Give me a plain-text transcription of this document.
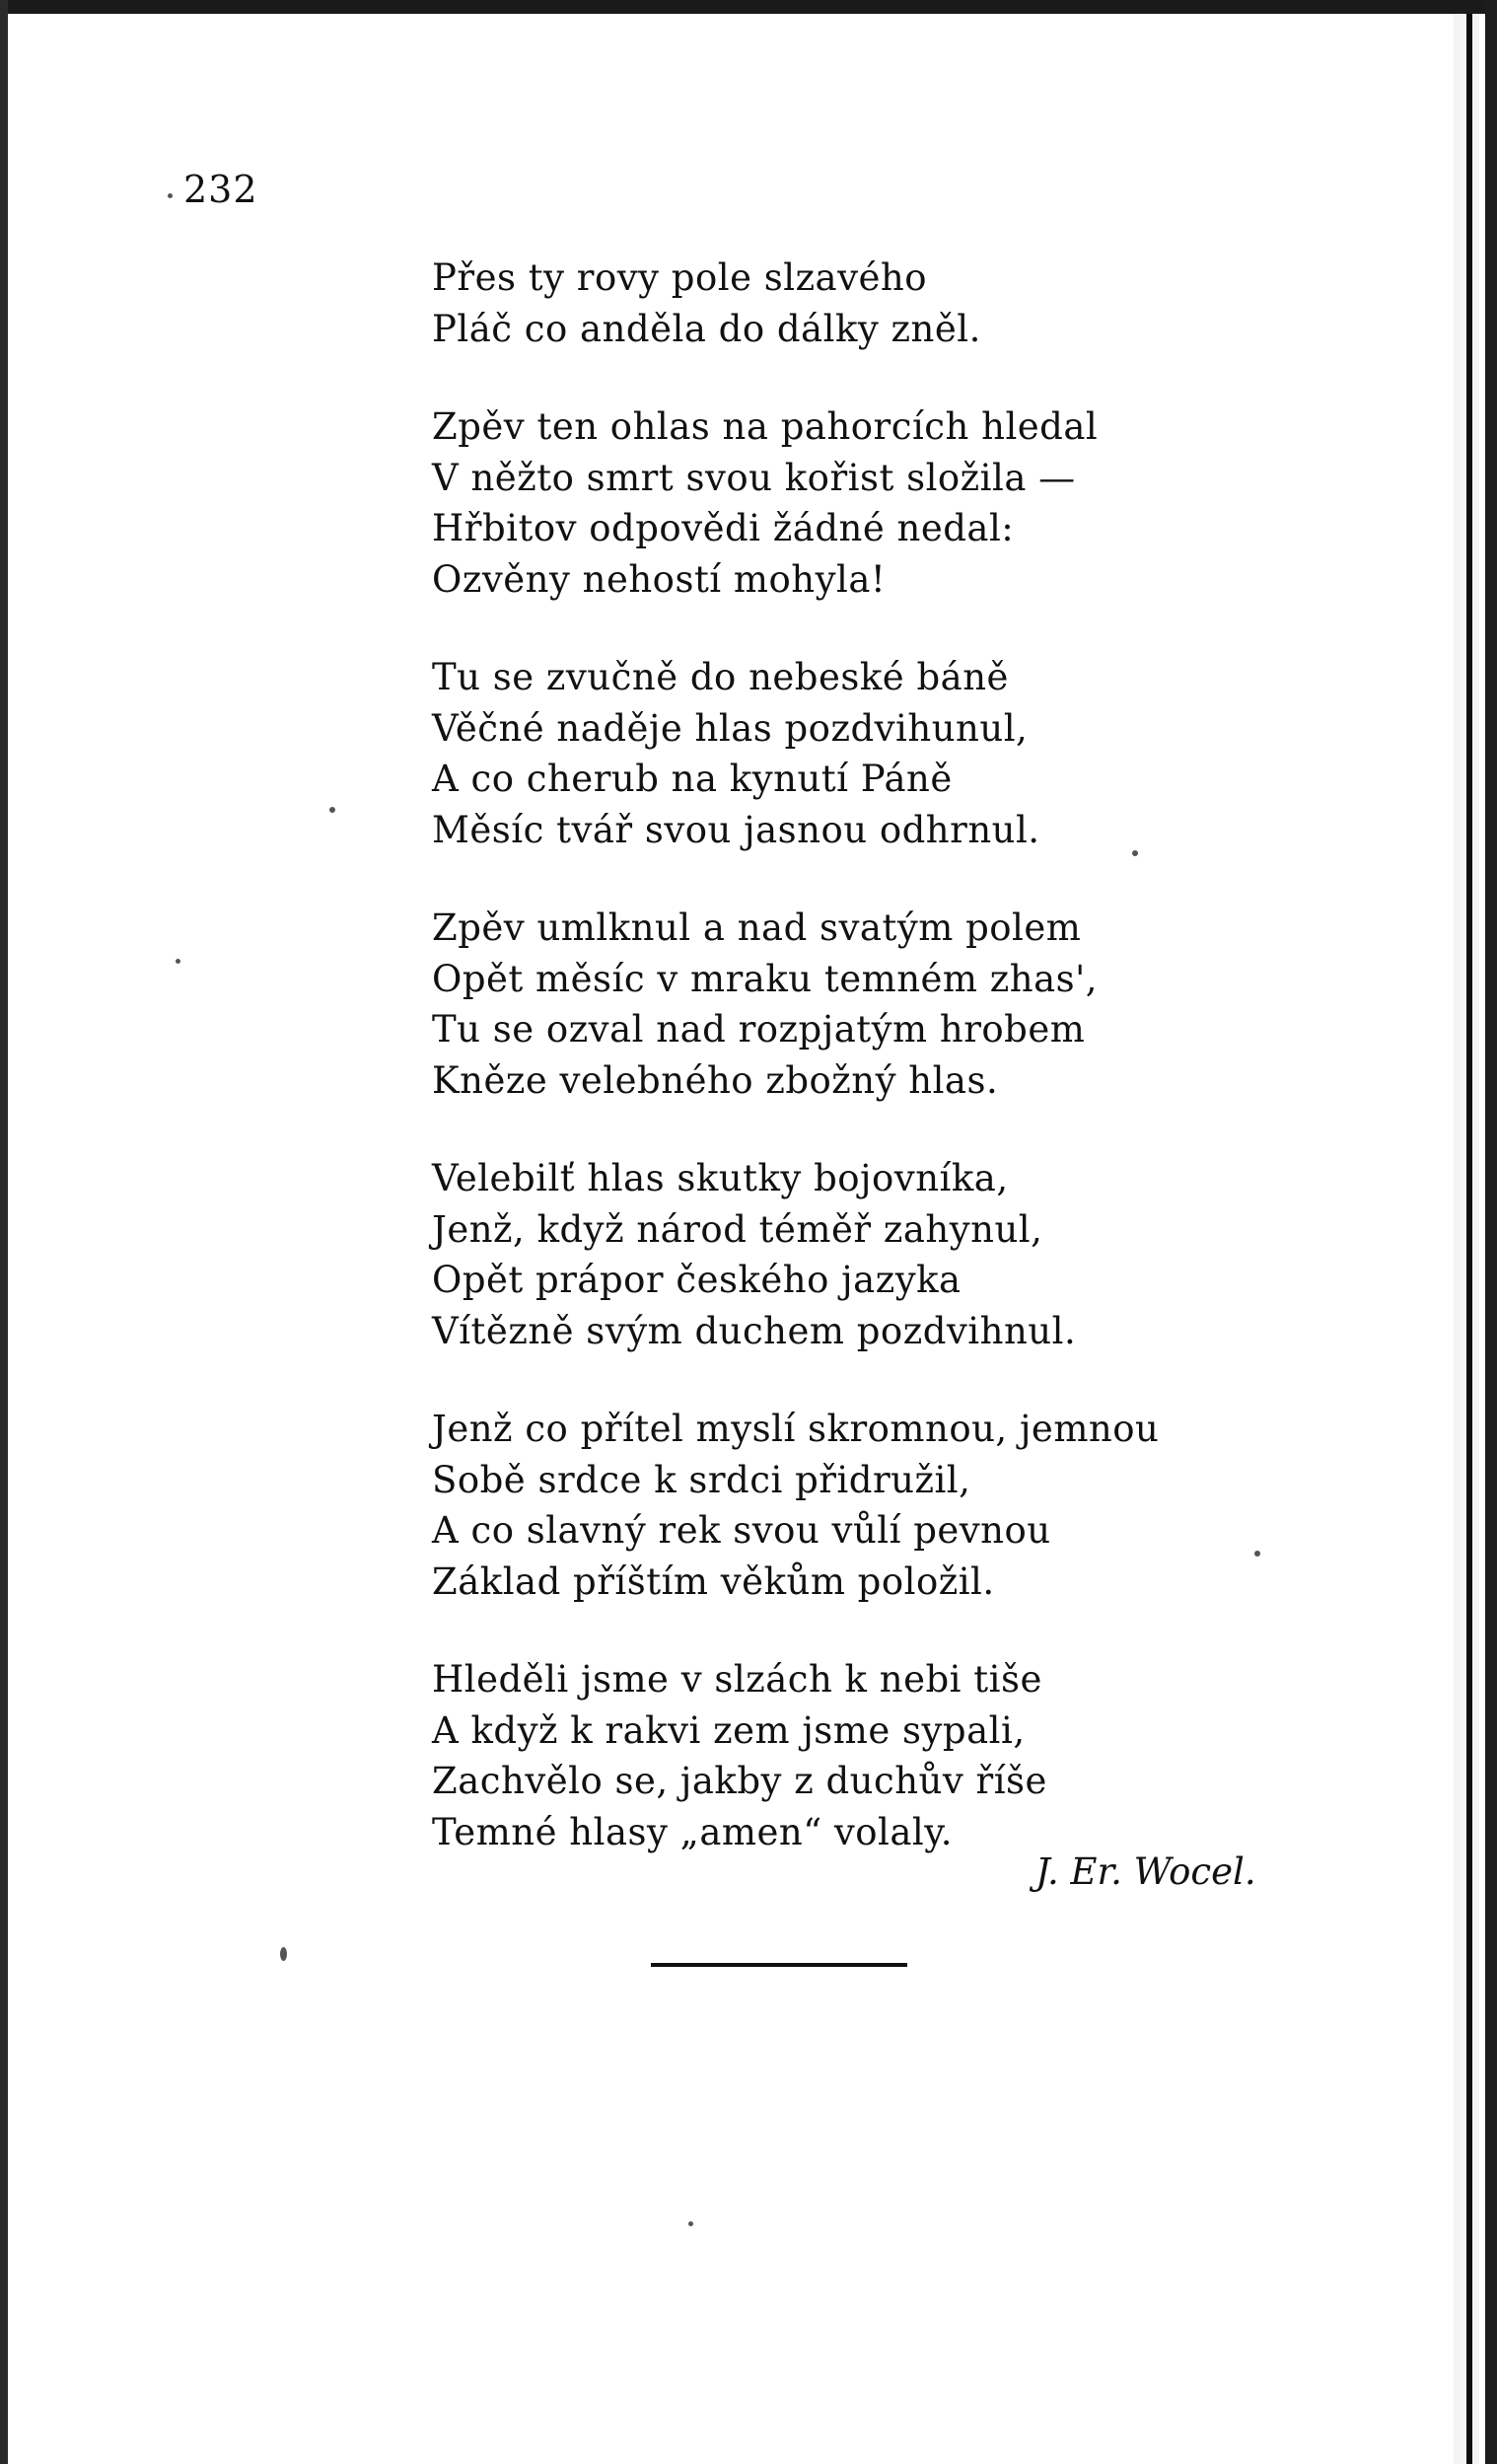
232
Přes ty rovy pole slzavého
Pláč co anděla do dálky zněl.
Zpěv ten ohlas na pahorcích hledal
V něžto smrt svou kořist složila —
Hřbitov odpovědi žádné nedal:
Ozvěny nehostí mohyla!
Tu se zvučně do nebeské báně
Věčné naděje hlas pozdvihunul,
A co cherub na kynutí Páně
Měsíc tvář svou jasnou odhrnul.
Zpěv umlknul a nad svatým polem
Opět měsíc v mraku temném zhas',
Tu se ozval nad rozpjatým hrobem
Kněze velebného zbožný hlas.
Velebilť hlas skutky bojovníka,
Jenž, když národ téměř zahynul,
Opět prápor českého jazyka
Vítězně svým duchem pozdvihnul.
Jenž co přítel myslí skromnou, jemnou
Sobě srdce k srdci přidružil,
A co slavný rek svou vůlí pevnou
Základ příštím věkům položil.
Hleděli jsme v slzách k nebi tiše
A když k rakvi zem jsme sypali,
Zachvělo se, jakby z duchův říše
Temné hlasy „amen“ volaly.
J. Er. Wocel.
